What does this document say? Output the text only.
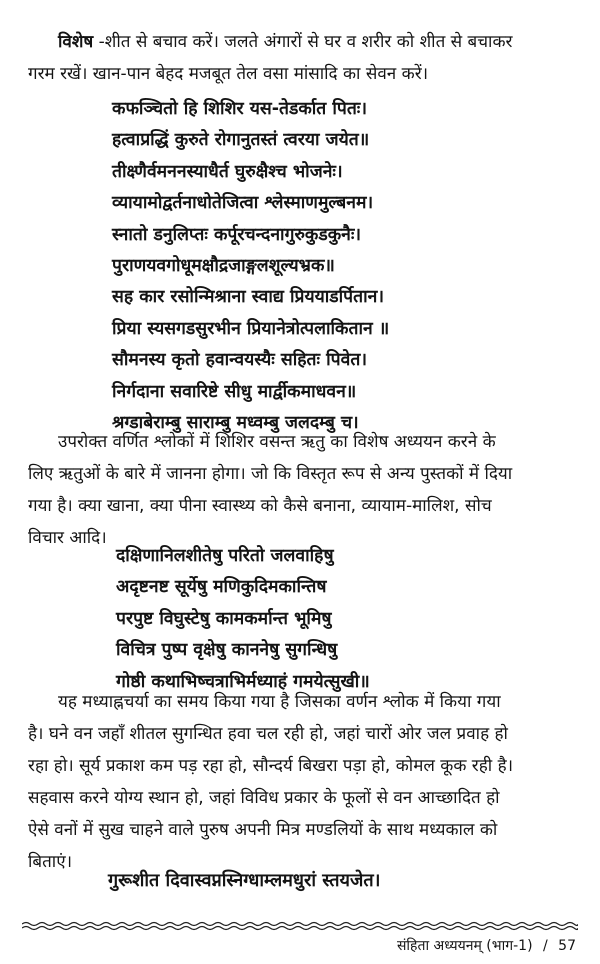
विशेष -शीत से बचाव करें। जलते अंगारों से घर व शरीर को शीत से बचाकर
गरम रखें। खान-पान बेहद मजबूत तेल वसा मांसादि का सेवन करें।
कफञ्चितो हि शिशिर यस-तेडर्कात पितः।
हत्वाप्रद्धिं कुरुते रोगानुतस्तं त्वरया जयेत॥
तीक्ष्णैर्वमननस्याधैर्त घुरुक्षैश्च भोजनेः।
व्यायामोद्वर्तनाधोतेजित्वा श्लेस्माणमुल्बनम।
स्नातो डनुलिप्तः कर्पूरचन्दनागुरुकुडकुनैः।
पुराणयवगोधूमक्षौद्रजाङ्गलशूल्यभ्रक॥
सह कार रसोन्मिश्राना स्वाद्य प्रिययाडर्पितान।
प्रिया स्यसगडसुरभीन प्रियानेत्रोत्पलाकितान ॥
सौमनस्य कृतो हवान्वयस्यैः सहितः पिवेत।
निर्गदाना सवारिष्टे सीधु मार्द्वीकमाधवन॥
श्रग्डाबेराम्बु साराम्बु मध्वम्बु जलदम्बु च।
उपरोक्त वर्णित श्लोकों में शिशिर वसन्त ऋतु का विशेष अध्ययन करने के
लिए ऋतुओं के बारे में जानना होगा। जो कि विस्तृत रूप से अन्य पुस्तकों में दिया
गया है। क्या खाना, क्या पीना स्वास्थ्य को कैसे बनाना, व्यायाम-मालिश, सोच
विचार आदि।
दक्षिणानिलशीतेषु परितो जलवाहिषु
अदृष्टनष्ट सूर्येषु मणिकुदिमकान्तिष
परपुष्ट विघुस्टेषु कामकर्मान्त भूमिषु
विचित्र पुष्प वृक्षेषु काननेषु सुगन्धिषु
गोष्ठी कथाभिष्चत्राभिर्मध्याहं गमयेत्सुखी॥
यह मध्याह्नचर्या का समय किया गया है जिसका वर्णन श्लोक में किया गया
है। घने वन जहाँ शीतल सुगन्धित हवा चल रही हो, जहां चारों ओर जल प्रवाह हो
रहा हो। सूर्य प्रकाश कम पड़ रहा हो, सौन्दर्य बिखरा पड़ा हो, कोमल कूक रही है।
सहवास करने योग्य स्थान हो, जहां विविध प्रकार के फूलों से वन आच्छादित हो
ऐसे वनों में सुख चाहने वाले पुरुष अपनी मित्र मण्डलियों के साथ मध्यकाल को
बिताएं।
गुरूशीत दिवास्वप्नस्निग्धाम्लमधुरां स्तयजेत।
संहिता अध्ययनम् (भाग-1) / 57
